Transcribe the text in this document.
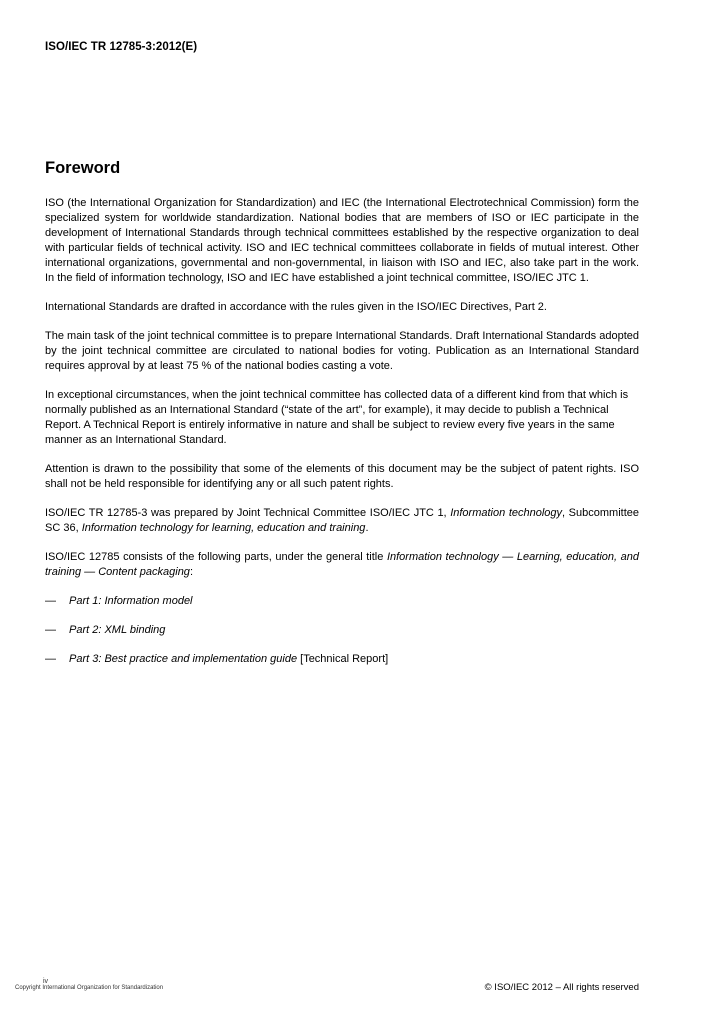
ISO/IEC TR 12785-3:2012(E)
Foreword

ISO (the International Organization for Standardization) and IEC (the International Electrotechnical Commission) form the specialized system for worldwide standardization. National bodies that are members of ISO or IEC participate in the development of International Standards through technical committees established by the respective organization to deal with particular fields of technical activity. ISO and IEC technical committees collaborate in fields of mutual interest. Other international organizations, governmental and non-governmental, in liaison with ISO and IEC, also take part in the work. In the field of information technology, ISO and IEC have established a joint technical committee, ISO/IEC JTC 1.

International Standards are drafted in accordance with the rules given in the ISO/IEC Directives, Part 2.

The main task of the joint technical committee is to prepare International Standards. Draft International Standards adopted by the joint technical committee are circulated to national bodies for voting. Publication as an International Standard requires approval by at least 75 % of the national bodies casting a vote.

In exceptional circumstances, when the joint technical committee has collected data of a different kind from that which is normally published as an International Standard (“state of the art”, for example), it may decide to publish a Technical Report. A Technical Report is entirely informative in nature and shall be subject to review every five years in the same manner as an International Standard.

Attention is drawn to the possibility that some of the elements of this document may be the subject of patent rights. ISO shall not be held responsible for identifying any or all such patent rights.

ISO/IEC TR 12785-3 was prepared by Joint Technical Committee ISO/IEC JTC 1, Information technology, Subcommittee SC 36, Information technology for learning, education and training.

ISO/IEC 12785 consists of the following parts, under the general title Information technology — Learning, education, and training — Content packaging:

—	Part 1: Information model
—	Part 2: XML binding
—	Part 3: Best practice and implementation guide [Technical Report]
iv
Copyright International Organization for Standardization	© ISO/IEC 2012 – All rights reserved
